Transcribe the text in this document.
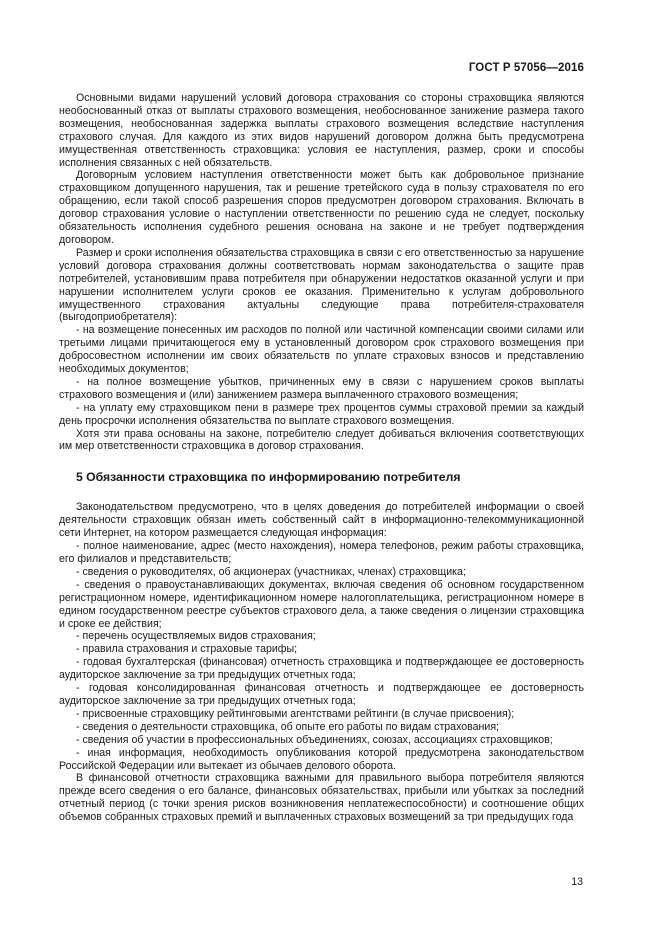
ГОСТ Р 57056—2016

Основными видами нарушений условий договора страхования со стороны страховщика являются необоснованный отказ от выплаты страхового возмещения, необоснованное занижение размера такого возмещения, необоснованная задержка выплаты страхового возмещения вследствие наступления страхового случая. Для каждого из этих видов нарушений договором должна быть предусмотрена имущественная ответственность страховщика: условия ее наступления, размер, сроки и способы исполнения связанных с ней обязательств.

Договорным условием наступления ответственности может быть как добровольное признание страховщиком допущенного нарушения, так и решение третейского суда в пользу страхователя по его обращению, если такой способ разрешения споров предусмотрен договором страхования. Включать в договор страхования условие о наступлении ответственности по решению суда не следует, поскольку обязательность исполнения судебного решения основана на законе и не требует подтверждения договором.

Размер и сроки исполнения обязательства страховщика в связи с его ответственностью за нарушение условий договора страхования должны соответствовать нормам законодательства о защите прав потребителей, установившим права потребителя при обнаружении недостатков оказанной услуги и при нарушении исполнителем услуги сроков ее оказания. Применительно к услугам добровольного имущественного страхования актуальны следующие права потребителя-страхователя (выгодоприобретателя):

- на возмещение понесенных им расходов по полной или частичной компенсации своими силами или третьими лицами причитающегося ему в установленный договором срок страхового возмещения при добросовестном исполнении им своих обязательств по уплате страховых взносов и представлению необходимых документов;

- на полное возмещение убытков, причиненных ему в связи с нарушением сроков выплаты страхового возмещения и (или) занижением размера выплаченного страхового возмещения;

- на уплату ему страховщиком пени в размере трех процентов суммы страховой премии за каждый день просрочки исполнения обязательства по выплате страхового возмещения.

Хотя эти права основаны на законе, потребителю следует добиваться включения соответствующих им мер ответственности страховщика в договор страхования.

5 Обязанности страховщика по информированию потребителя

Законодательством предусмотрено, что в целях доведения до потребителей информации о своей деятельности страховщик обязан иметь собственный сайт в информационно-телекоммуникационной сети Интернет, на котором размещается следующая информация:

- полное наименование, адрес (место нахождения), номера телефонов, режим работы страховщика, его филиалов и представительств;

- сведения о руководителях, об акционерах (участниках, членах) страховщика;

- сведения о правоустанавливающих документах, включая сведения об основном государственном регистрационном номере, идентификационном номере налогоплательщика, регистрационном номере в едином государственном реестре субъектов страхового дела, а также сведения о лицензии страховщика и сроке ее действия;

- перечень осуществляемых видов страхования;

- правила страхования и страховые тарифы;

- годовая бухгалтерская (финансовая) отчетность страховщика и подтверждающее ее достоверность аудиторское заключение за три предыдущих отчетных года;

- годовая консолидированная финансовая отчетность и подтверждающее ее достоверность аудиторское заключение за три предыдущих отчетных года;

- присвоенные страховщику рейтинговыми агентствами рейтинги (в случае присвоения);

- сведения о деятельности страховщика, об опыте его работы по видам страхования;

- сведения об участии в профессиональных объединениях, союзах, ассоциациях страховщиков;

- иная информация, необходимость опубликования которой предусмотрена законодательством Российской Федерации или вытекает из обычаев делового оборота.

В финансовой отчетности страховщика важными для правильного выбора потребителя являются прежде всего сведения о его балансе, финансовых обязательствах, прибыли или убытках за последний отчетный период (с точки зрения рисков возникновения неплатежеспособности) и соотношение общих объемов собранных страховых премий и выплаченных страховых возмещений за три предыдущих года

13
